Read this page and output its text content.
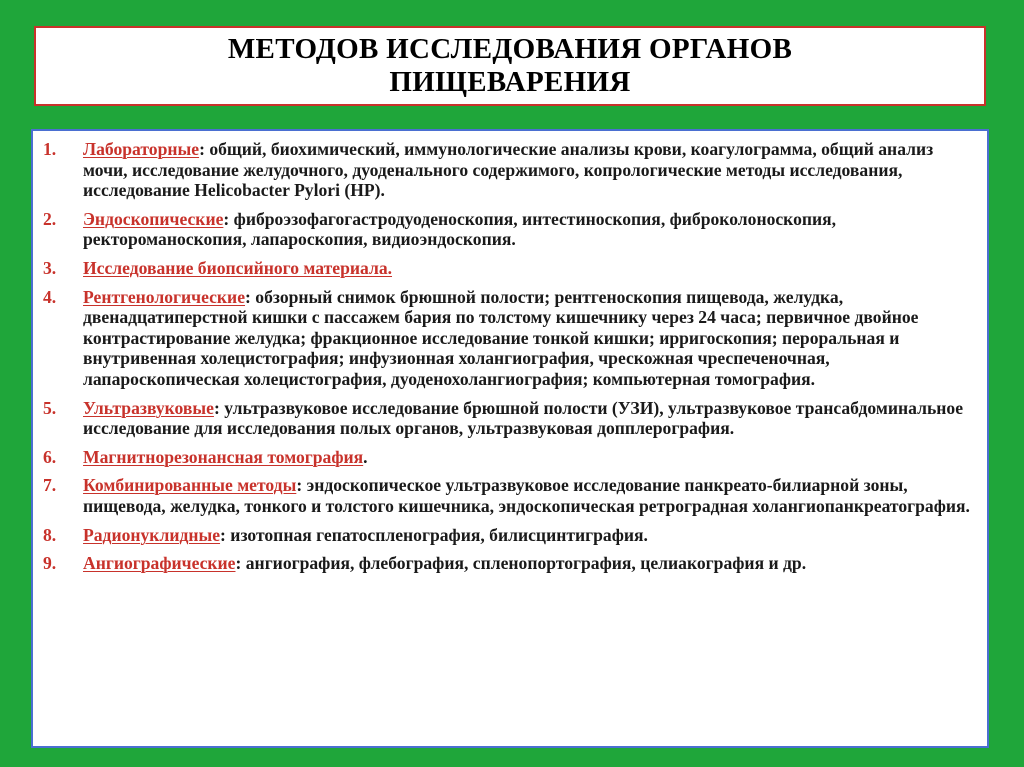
МЕТОДОВ ИССЛЕДОВАНИЯ ОРГАНОВ
ПИЩЕВАРЕНИЯ
1. Лабораторные: общий, биохимический, иммунологические анализы крови, коагулограмма, общий анализ мочи, исследование желудочного, дуоденального содержимого, копрологические методы исследования, исследование Helicobacter Pylori (HP).
2. Эндоскопические: фиброэзофагогастродуоденоскопия, интестиноскопия, фиброколоноскопия, ректороманоскопия, лапароскопия, видиоэндоскопия.
3. Исследование биопсийного материала.
4. Рентгенологические: обзорный снимок брюшной полости; рентгеноскопия пищевода, желудка, двенадцатиперстной кишки с пассажем бария по толстому кишечнику через 24 часа; первичное двойное контрастирование желудка; фракционное исследование тонкой кишки; ирригоскопия; пероральная и внутривенная холецистография; инфузионная холангиография, чрескожная чреспеченочная, лапароскопическая холецистография, дуоденохолангиография; компьютерная томография.
5. Ультразвуковые: ультразвуковое исследование брюшной полости (УЗИ), ультразвуковое трансабдоминальное исследование для исследования полых органов, ультразвуковая допплерография.
6. Магнитнорезонансная томография.
7. Комбинированные методы: эндоскопическое ультразвуковое исследование панкреато-билиарной зоны, пищевода, желудка, тонкого и толстого кишечника, эндоскопическая ретроградная холангиопанкреатография.
8. Радионуклидные: изотопная гепатоспленография, билисцинтиграфия.
9. Ангиографические: ангиография, флебография, спленопортография, целиакография и др.
